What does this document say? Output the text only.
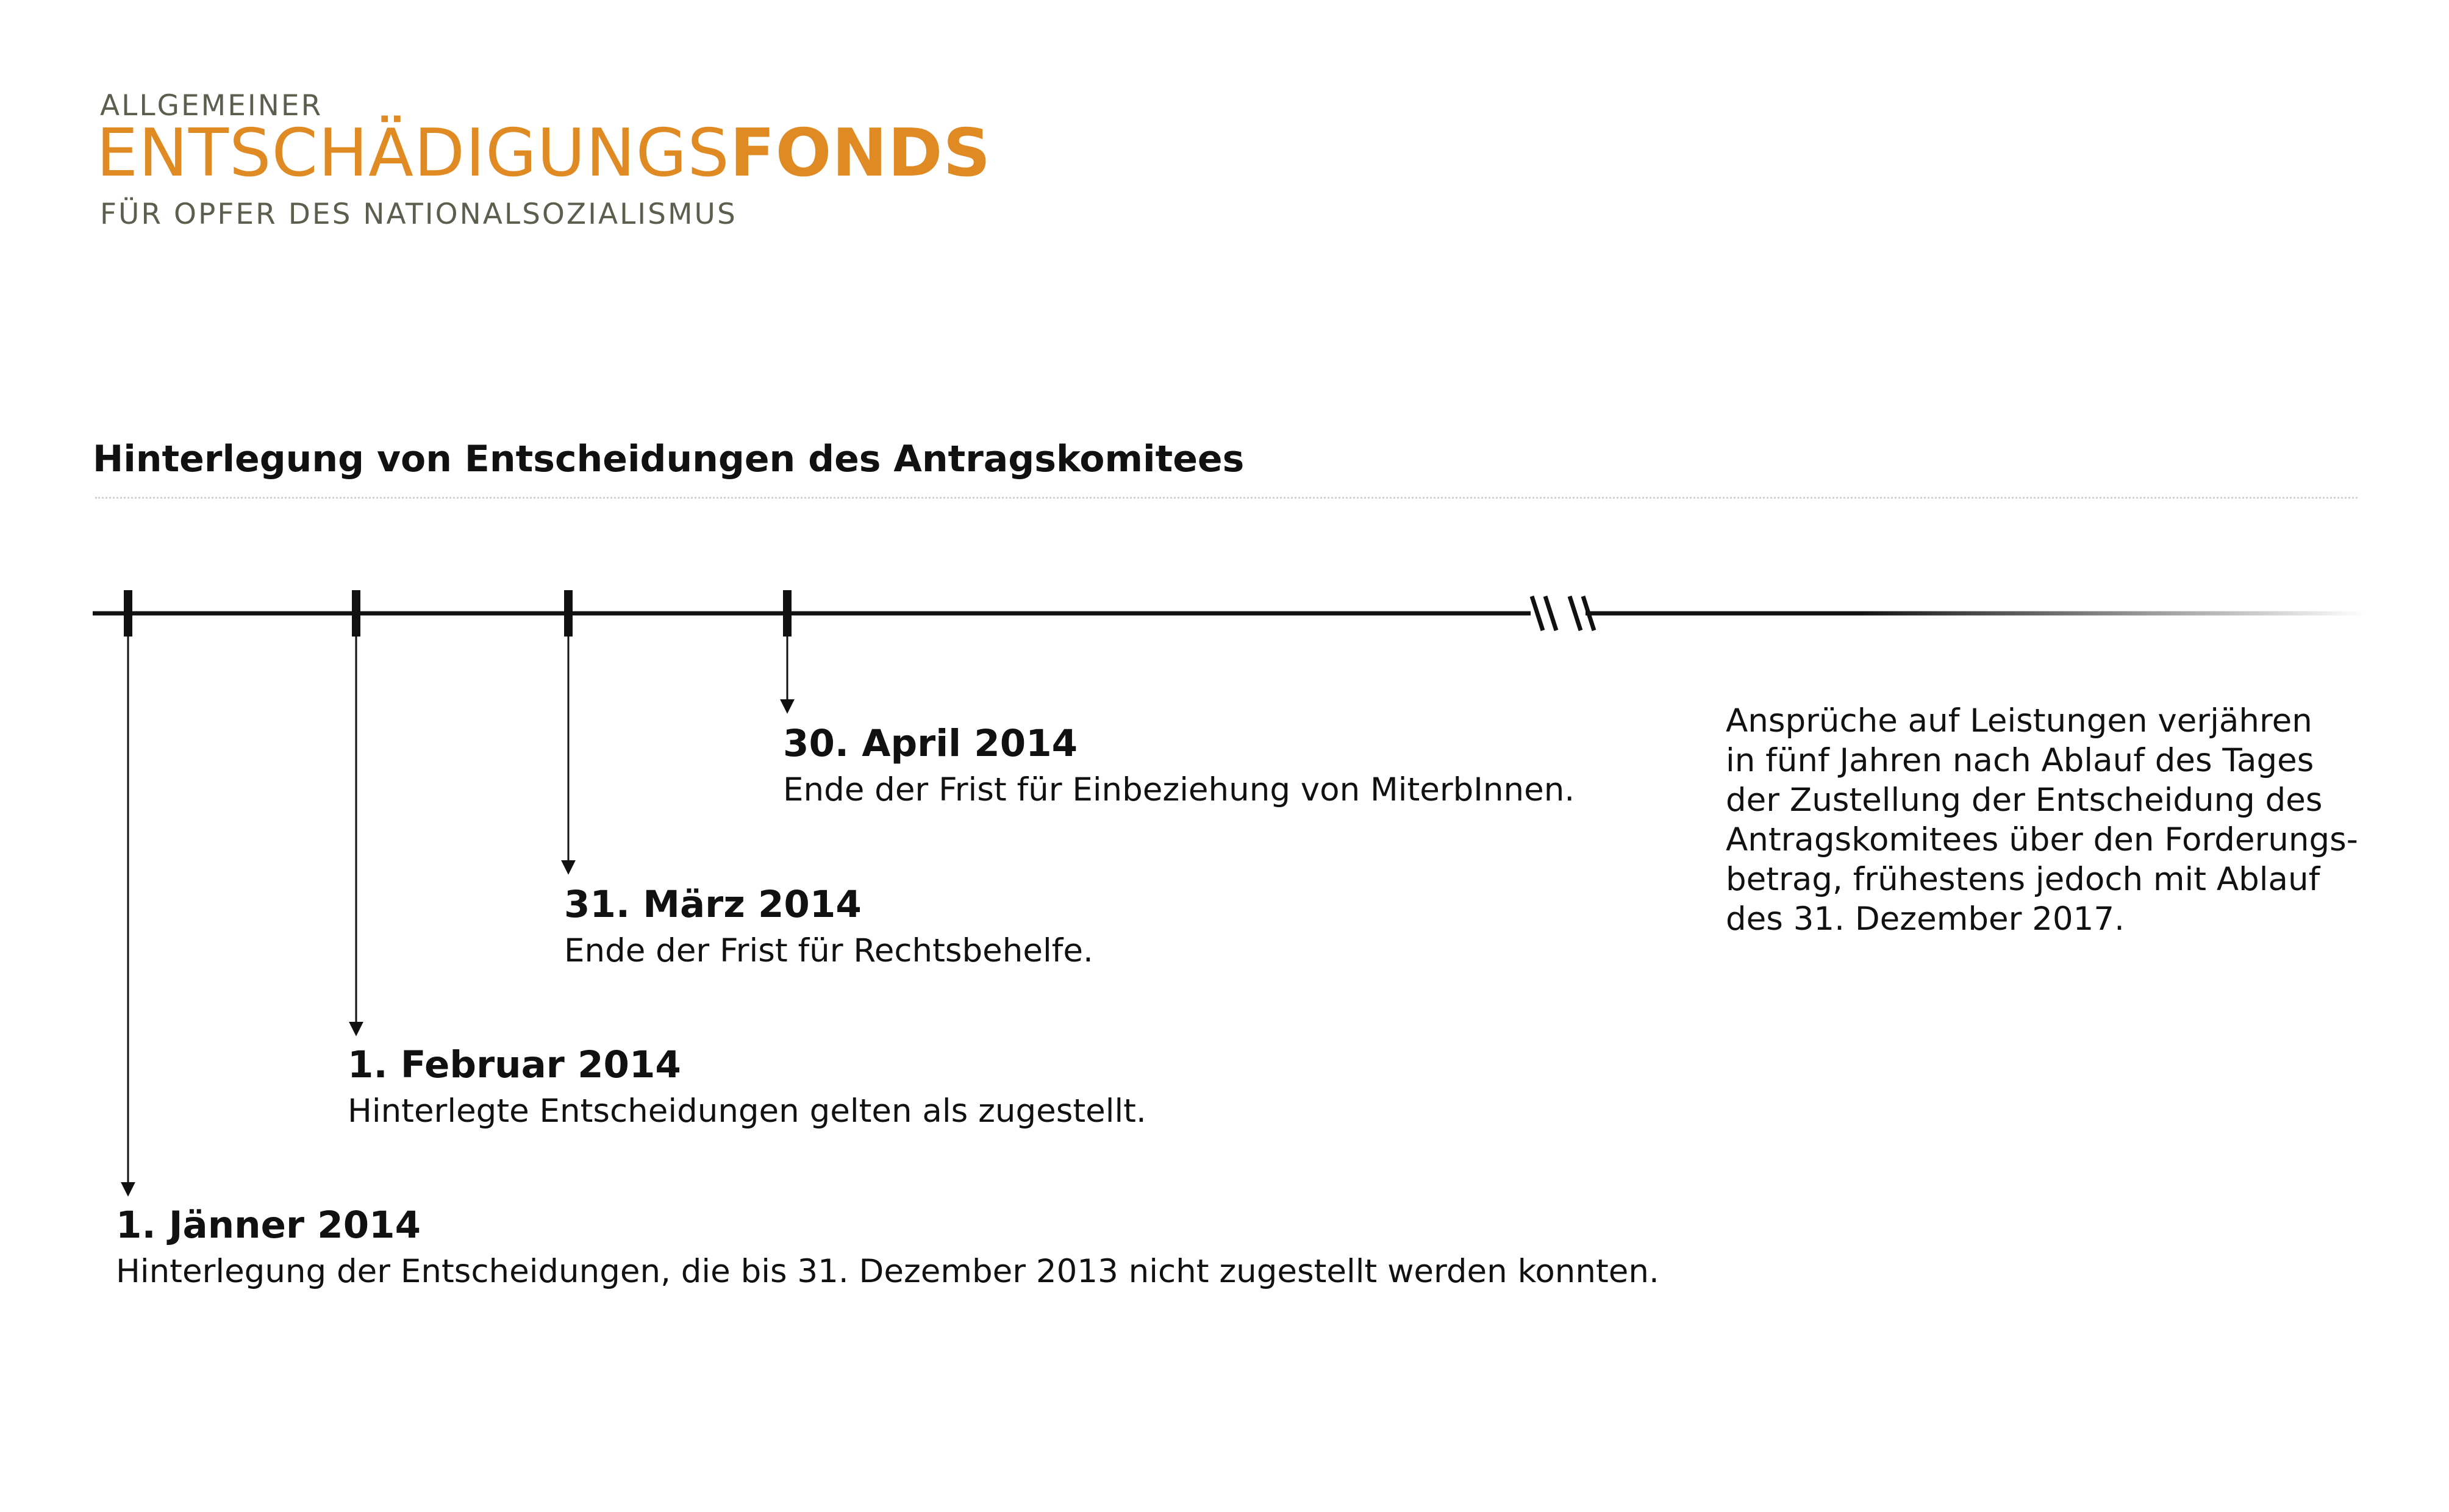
ALLGEMEINER
ENTSCHÄDIGUNGSFONDS
FÜR OPFER DES NATIONALSOZIALISMUS
Hinterlegung von Entscheidungen des Antragskomitees
1. Jänner 2014
Hinterlegung der Entscheidungen, die bis 31. Dezember 2013 nicht zugestellt werden konnten.
1. Februar 2014
Hinterlegte Entscheidungen gelten als zugestellt.
31. März 2014
Ende der Frist für Rechtsbehelfe.
30. April 2014
Ende der Frist für Einbeziehung von MiterbInnen.
Ansprüche auf Leistungen verjähren
in fünf Jahren nach Ablauf des Tages
der Zustellung der Entscheidung des
Antragskomitees über den Forderungs-
betrag, frühestens jedoch mit Ablauf
des 31. Dezember 2017.
